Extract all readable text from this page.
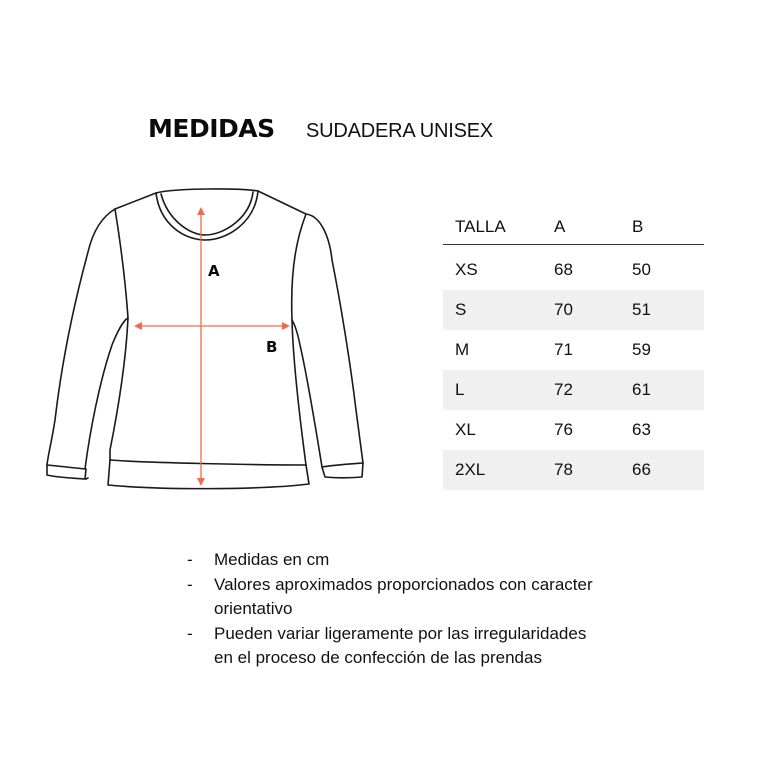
MEDIDAS SUDADERA UNISEX
A
B
TALLA	A	B
XS	68	50
S	70	51
M	71	59
L	72	61
XL	76	63
2XL	78	66
-	Medidas en cm
-	Valores aproximados proporcionados con caracter orientativo
-	Pueden variar ligeramente por las irregularidades en el proceso de confección de las prendas
